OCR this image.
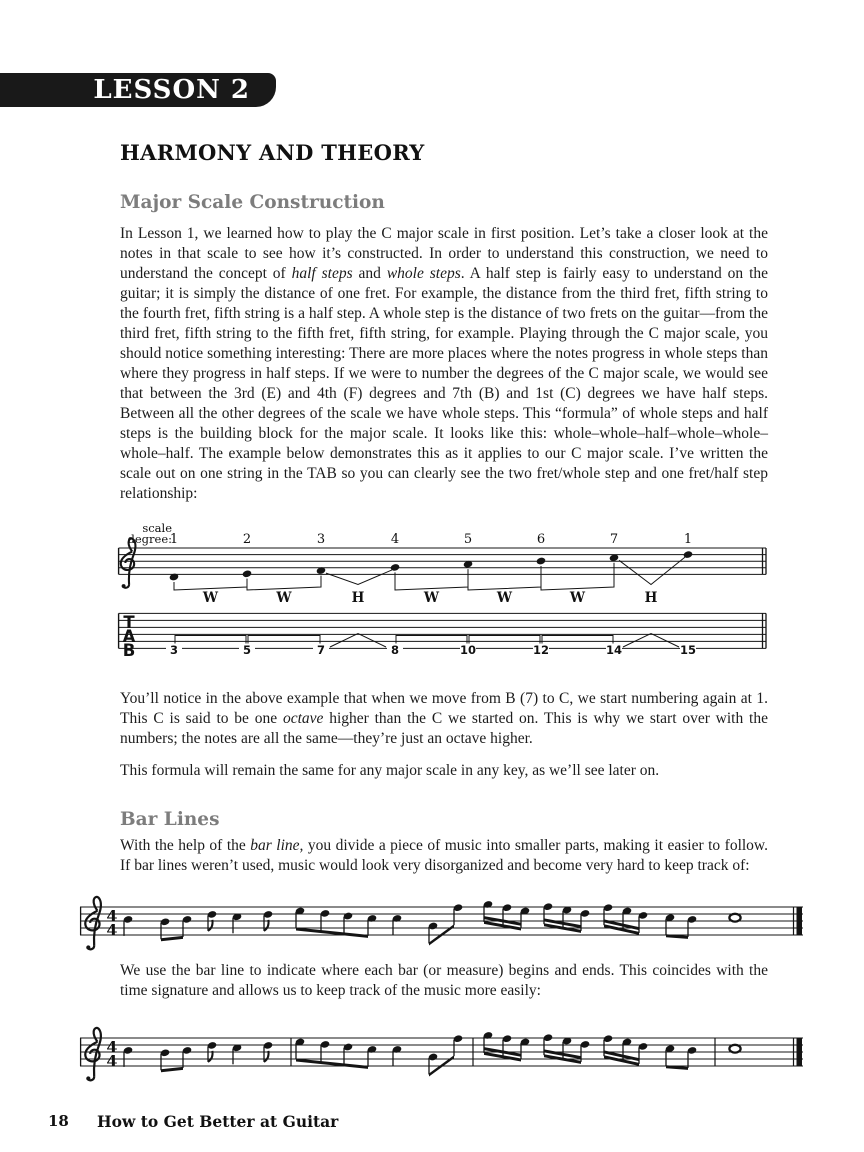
LESSON 2
HARMONY AND THEORY
Major Scale Construction
In Lesson 1, we learned how to play the C major scale in first position. Let’s take a closer look at the notes in that scale to see how it’s constructed. In order to understand this construction, we need to understand the concept of half steps and whole steps. A half step is fairly easy to understand on the guitar; it is simply the distance of one fret. For example, the distance from the third fret, fifth string to the fourth fret, fifth string is a half step. A whole step is the distance of two frets on the guitar—from the third fret, fifth string to the fifth fret, fifth string, for example. Playing through the C major scale, you should notice something interesting: There are more places where the notes progress in whole steps than where they progress in half steps. If we were to number the degrees of the C major scale, we would see that between the 3rd (E) and 4th (F) degrees and 7th (B) and 1st (C) degrees we have half steps. Between all the other degrees of the scale we have whole steps. This “formula” of whole steps and half steps is the building block for the major scale. It looks like this: whole–whole–half–whole–whole–whole–half. The example below demonstrates this as it applies to our C major scale. I’ve written the scale out on one string in the TAB so you can clearly see the two fret/whole step and one fret/half step relationship:
scale
degree:
1	2	3	4	5	6	7	1
W	W	H	W	W	W	H
T
A
B	3	5	7	8	10	12	14	15
You’ll notice in the above example that when we move from B (7) to C, we start numbering again at 1. This C is said to be one octave higher than the C we started on. This is why we start over with the numbers; the notes are all the same—they’re just an octave higher.
This formula will remain the same for any major scale in any key, as we’ll see later on.
Bar Lines
With the help of the bar line, you divide a piece of music into smaller parts, making it easier to follow. If bar lines weren’t used, music would look very disorganized and become very hard to keep track of:
4
4
We use the bar line to indicate where each bar (or measure) begins and ends. This coincides with the time signature and allows us to keep track of the music more easily:
4
4
18 How to Get Better at Guitar
